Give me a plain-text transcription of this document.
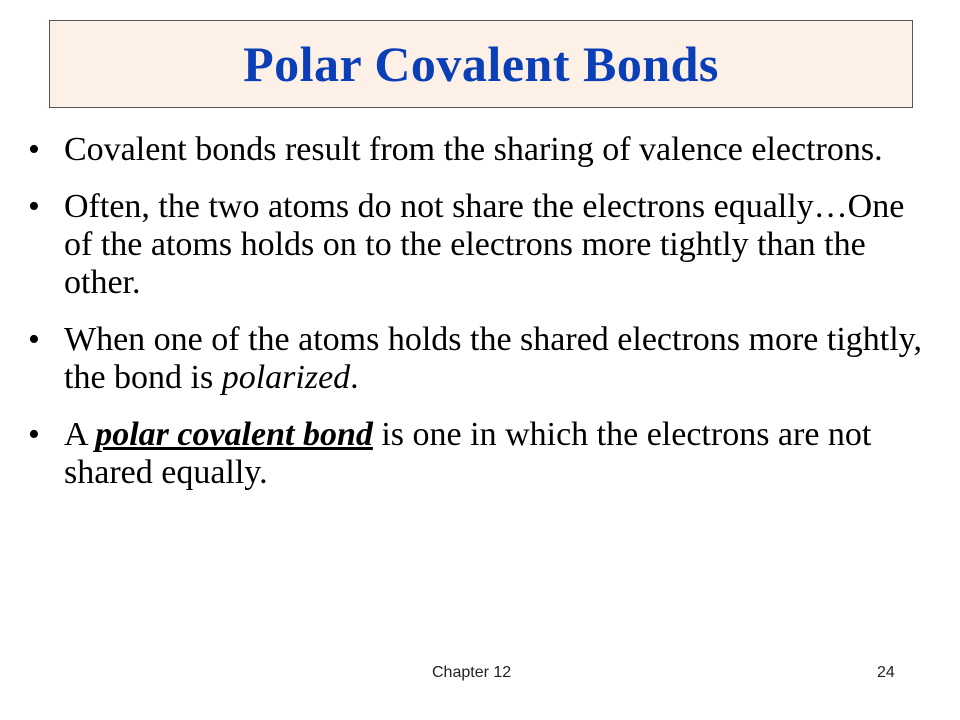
Polar Covalent Bonds
• Covalent bonds result from the sharing of valence electrons.
• Often, the two atoms do not share the electrons equally…One of the atoms holds on to the electrons more tightly than the other.
• When one of the atoms holds the shared electrons more tightly, the bond is polarized.
• A polar covalent bond is one in which the electrons are not shared equally.
Chapter 12	24
